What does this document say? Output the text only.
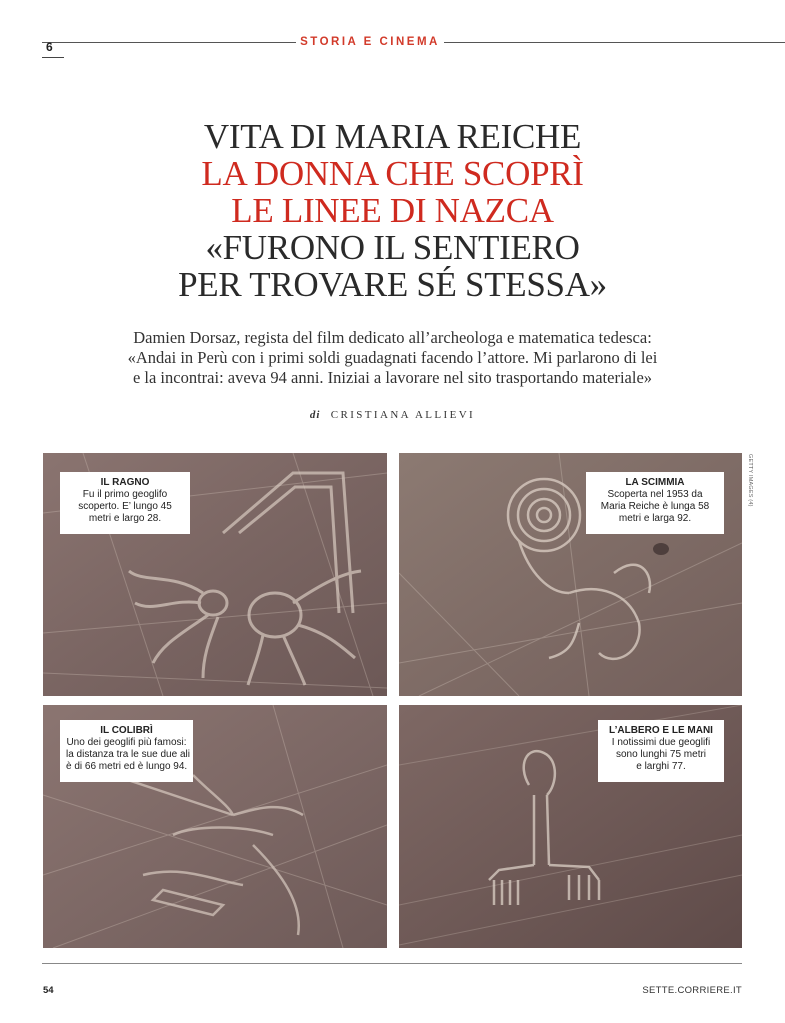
6	STORIA E CINEMA
VITA DI MARIA REICHE
LA DONNA CHE SCOPRÌ
LE LINEE DI NAZCA
«FURONO IL SENTIERO
PER TROVARE SÉ STESSA»
Damien Dorsaz, regista del film dedicato all’archeologa e matematica tedesca:
«Andai in Perù con i primi soldi guadagnati facendo l’attore. Mi parlarono di lei
e la incontrai: aveva 94 anni. Iniziai a lavorare nel sito trasportando materiale»
di CRISTIANA ALLIEVI
IL RAGNO
Fu il primo geoglifo
scoperto. E’ lungo 45
metri e largo 28.
LA SCIMMIA
Scoperta nel 1953 da
Maria Reiche è lunga 58
metri e larga 92.
IL COLIBRÌ
Uno dei geoglifi più famosi:
la distanza tra le sue due ali
è di 66 metri ed è lungo 94.
L’ALBERO E LE MANI
I notissimi due geoglifi
sono lunghi 75 metri
e larghi 77.
GETTY IMAGES (4)
54	SETTE.CORRIERE.IT
